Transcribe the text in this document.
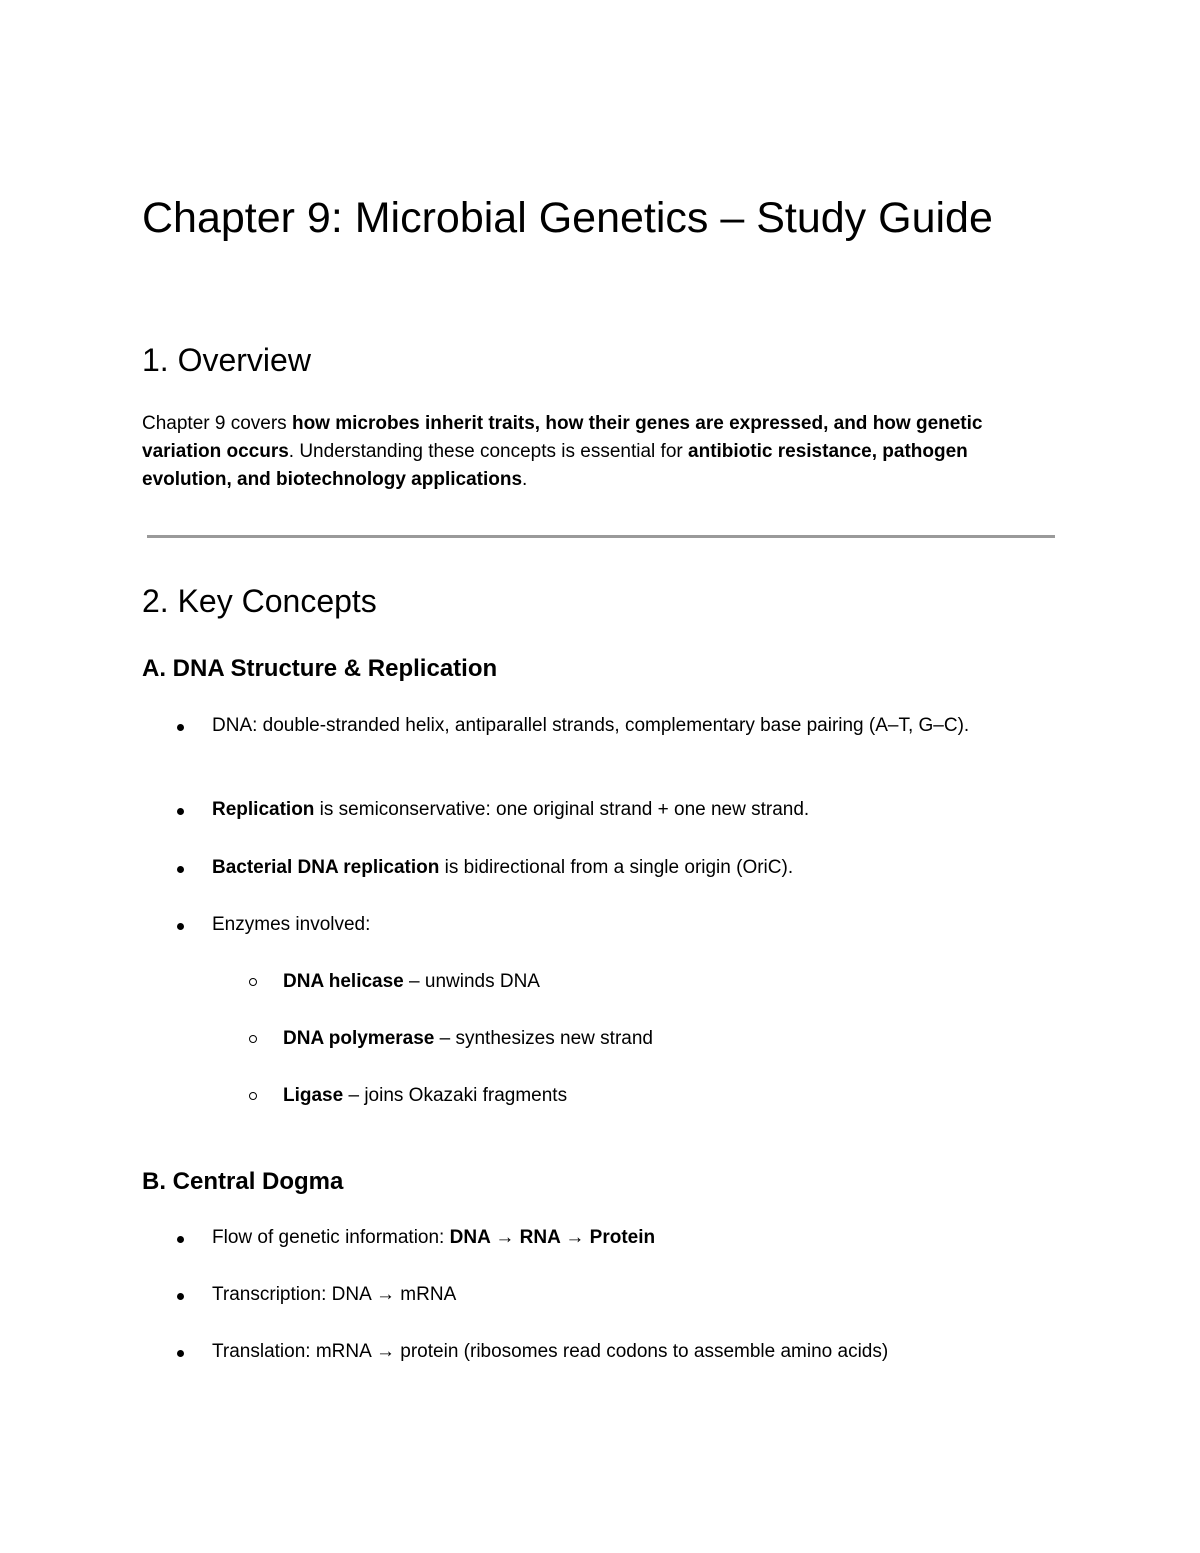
Chapter 9: Microbial Genetics – Study Guide
1. Overview

Chapter 9 covers how microbes inherit traits, how their genes are expressed, and how genetic variation occurs. Understanding these concepts is essential for antibiotic resistance, pathogen evolution, and biotechnology applications.

2. Key Concepts
A. DNA Structure & Replication
DNA: double-stranded helix, antiparallel strands, complementary base pairing (A–T, G–C).
Replication is semiconservative: one original strand + one new strand.
Bacterial DNA replication is bidirectional from a single origin (OriC).
Enzymes involved:
DNA helicase – unwinds DNA
DNA polymerase – synthesizes new strand
Ligase – joins Okazaki fragments
B. Central Dogma
Flow of genetic information: DNA → RNA → Protein
Transcription: DNA → mRNA
Translation: mRNA → protein (ribosomes read codons to assemble amino acids)
